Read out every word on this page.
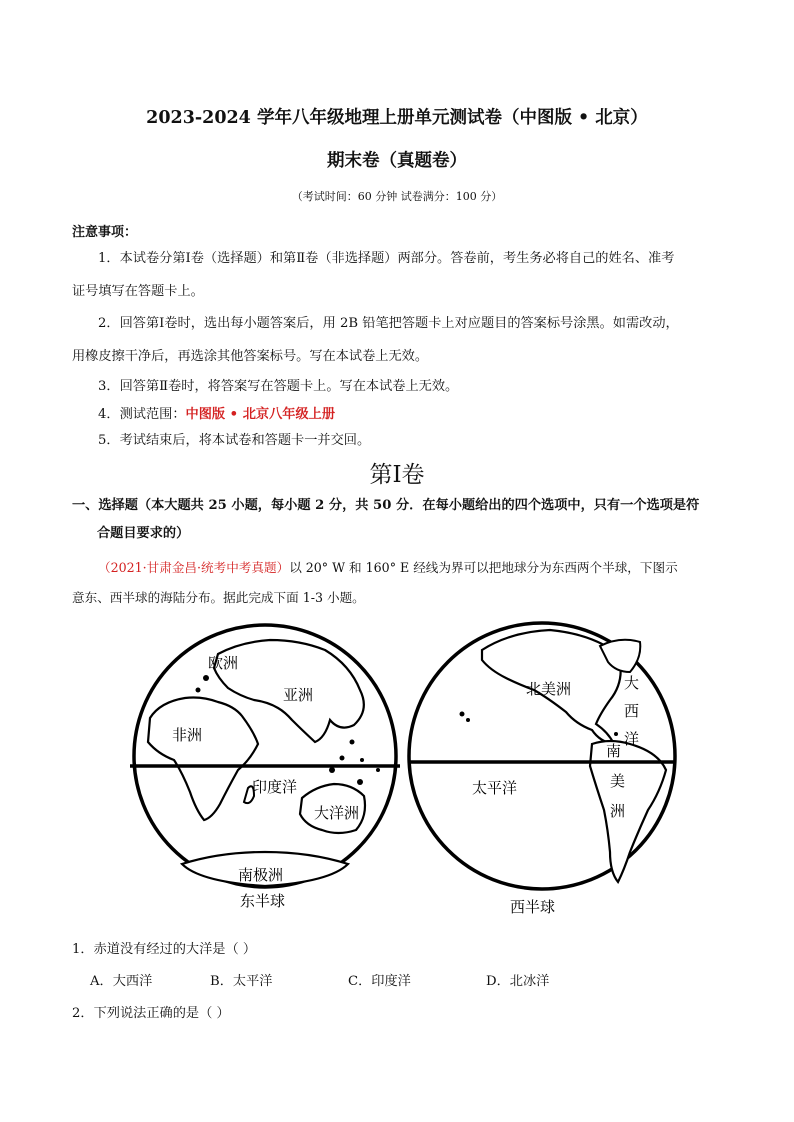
2023-2024 学年八年级地理上册单元测试卷（中图版 • 北京）
期末卷（真题卷）
（考试时间：60 分钟 试卷满分：100 分）
注意事项：
1．本试卷分第Ⅰ卷（选择题）和第Ⅱ卷（非选择题）两部分。答卷前，考生务必将自己的姓名、准考
证号填写在答题卡上。
2．回答第Ⅰ卷时，选出每小题答案后，用 2B 铅笔把答题卡上对应题目的答案标号涂黑。如需改动，
用橡皮擦干净后，再选涂其他答案标号。写在本试卷上无效。
3．回答第Ⅱ卷时，将答案写在答题卡上。写在本试卷上无效。
4．测试范围：中图版 • 北京八年级上册
5．考试结束后，将本试卷和答题卡一并交回。
第I卷
一、选择题（本大题共 25 小题，每小题 2 分，共 50 分．在每小题给出的四个选项中，只有一个选项是符
合题目要求的）
（2021·甘肃金昌·统考中考真题）以 20° W 和 160° E 经线为界可以把地球分为东西两个半球，下图示
意东、西半球的海陆分布。据此完成下面 1-3 小题。
欧洲
亚洲
非洲
印度洋
大洋洲
南极洲
东半球
北美洲
太平洋
大
西
洋
南
美
洲
西半球
1．赤道没有经过的大洋是（ ）
A．大西洋	B．太平洋	C．印度洋	D．北冰洋
2．下列说法正确的是（ ）
